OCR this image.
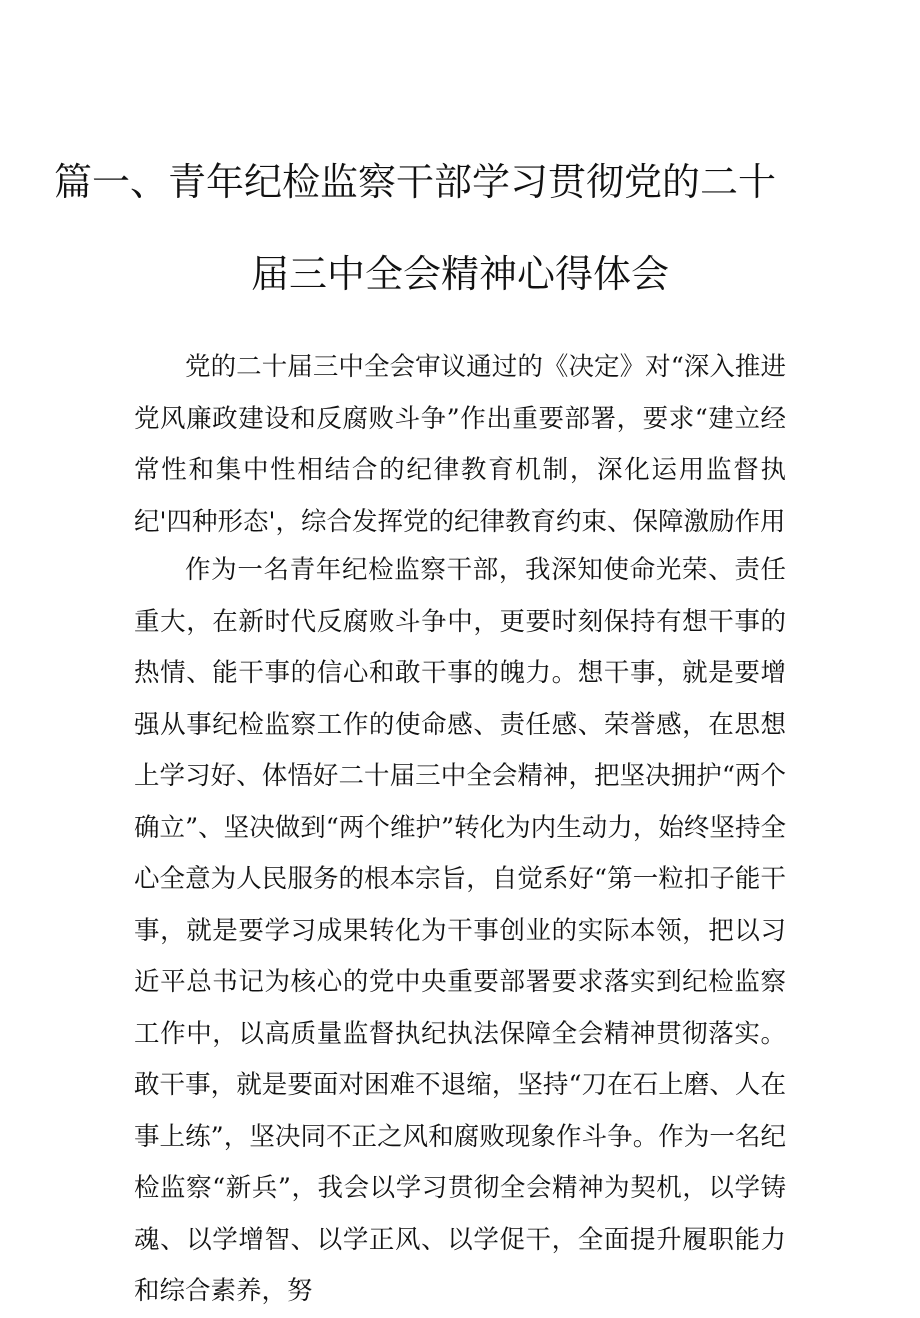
篇一、青年纪检监察干部学习贯彻党的二十
届三中全会精神心得体会

党的二十届三中全会审议通过的《决定》对“深入推进党风廉政建设和反腐败斗争”作出重要部署，要求“建立经常性和集中性相结合的纪律教育机制，深化运用监督执纪'四种形态'，综合发挥党的纪律教育约束、保障激励作用

作为一名青年纪检监察干部，我深知使命光荣、责任重大，在新时代反腐败斗争中，更要时刻保持有想干事的热情、能干事的信心和敢干事的魄力。想干事，就是要增强从事纪检监察工作的使命感、责任感、荣誉感，在思想上学习好、体悟好二十届三中全会精神，把坚决拥护“两个确立”、坚决做到“两个维护”转化为内生动力，始终坚持全心全意为人民服务的根本宗旨，自觉系好“第一粒扣子能干事，就是要学习成果转化为干事创业的实际本领，把以习近平总书记为核心的党中央重要部署要求落实到纪检监察工作中，以高质量监督执纪执法保障全会精神贯彻落实。敢干事，就是要面对困难不退缩，坚持“刀在石上磨、人在事上练”，坚决同不正之风和腐败现象作斗争。作为一名纪检监察“新兵”，我会以学习贯彻全会精神为契机，以学铸魂、以学增智、以学正风、以学促干，全面提升履职能力和综合素养，努
